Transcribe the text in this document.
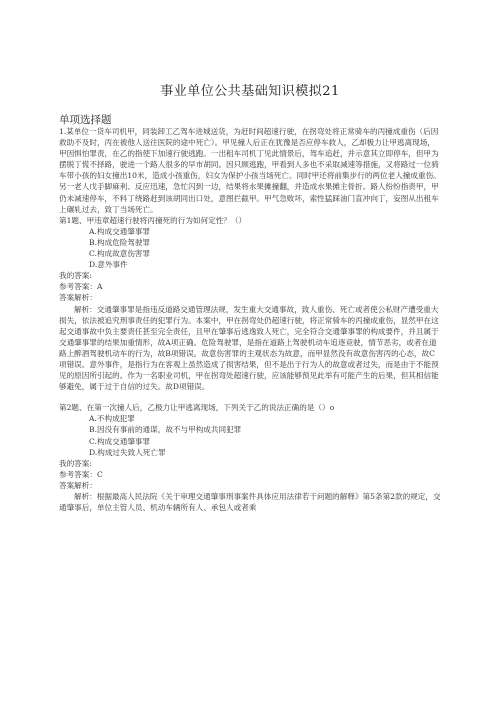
事业单位公共基础知识模拟21
单项选择题

1.某单位一货车司机甲，同装卸工乙驾车进城送货，为赶时间超速行驶，在拐弯处将正常骑车的丙撞成重伤（后因救助不及时，丙在被他人送往医院的途中死亡）。甲见撞人后正在犹豫是否应停车救人，乙却极力让甲逃离现场，甲因惧怕罪责，在乙的指使下加速行驶逃跑。一出租车司机丁见此情景后，驾车追赶，并示意其立即停车，但甲为摆脱丁慌不择路，驶进一个路人很多的早市胡同。因只顾逃跑，甲看到人多也不采取减速等措施，又将路过一位骑车带小孩的妇女撞出10米，造成小孩重伤，妇女为保护小孩当场死亡。同时甲还将前集步行的两位老人撞成重伤。另一老人戊手脚麻利、反应迅速，急忙闪到一边，结果将水果摊撞翻，并造成水果摊主骨折。路人纷纷指责甲，甲仍未减速停车，不料丁绕路赶到该胡同出口处，意图拦截甲。甲气急败坏，索性猛踩油门直冲向丁，妄图从出租车上碾轧过去，致丁当场死亡。

第1题、甲违章超速行驶将丙撞死的行为如何定性？（）

A.构成交通肇事罪

B.构成危险驾驶罪

C.构成故意伤害罪

D.意外事件

我的答案:

参考答案：A

答案解析：

解析：交通肇事罪是指违反道路交通管理法规，发生重大交通事故，致人重伤、死亡或者使公私财产遭受重大损失，依法被追究刑事责任的犯罪行为。本案中，甲在拐弯处仍超速行驶，将正常骑车的丙撞成重伤，显然甲在这起交通事故中负主要责任甚至完全责任，且甲在肇事后逃逸致人死亡，完全符合交通肇事罪的构成要件，并且属于交通肇事罪的结果加重情形，故A项正确。危险驾驶罪，是指在道路上驾驶机动车追逐竞驶，情节恶劣，或者在道路上醉酒驾驶机动车的行为，故B项错误。故意伤害罪的主观状态为故意，而甲显然没有故意伤害丙的心态，故C项错误。意外事件，是指行为在客观上虽然造成了损害结果，但不是出于行为人的故意或者过失，而是由于不能预见的原因所引起的。作为一名职业司机，甲在拐弯处超速行驶，应该能够预见此举有可能产生的后果，但其相信能够避免，属于过于自信的过失。故D项错误。

第2题、在第一次撞人后，乙极力让甲逃离现场，下列关于乙的说法正确的是（）o

A.不构成犯罪

B.因没有事前的通谋，故不与甲构成共同犯罪

C.构成交通肇事罪

D.构成过失致人死亡罪

我的答案:

参考答案：C

答案解析：

解析：根据最高人民法院《关于审理交通肇事刑事案件具体应用法律若干问题的解释》第5条第2款的规定，交通肇事后，单位主管人员、机动车辆所有人、承包人或者乘
